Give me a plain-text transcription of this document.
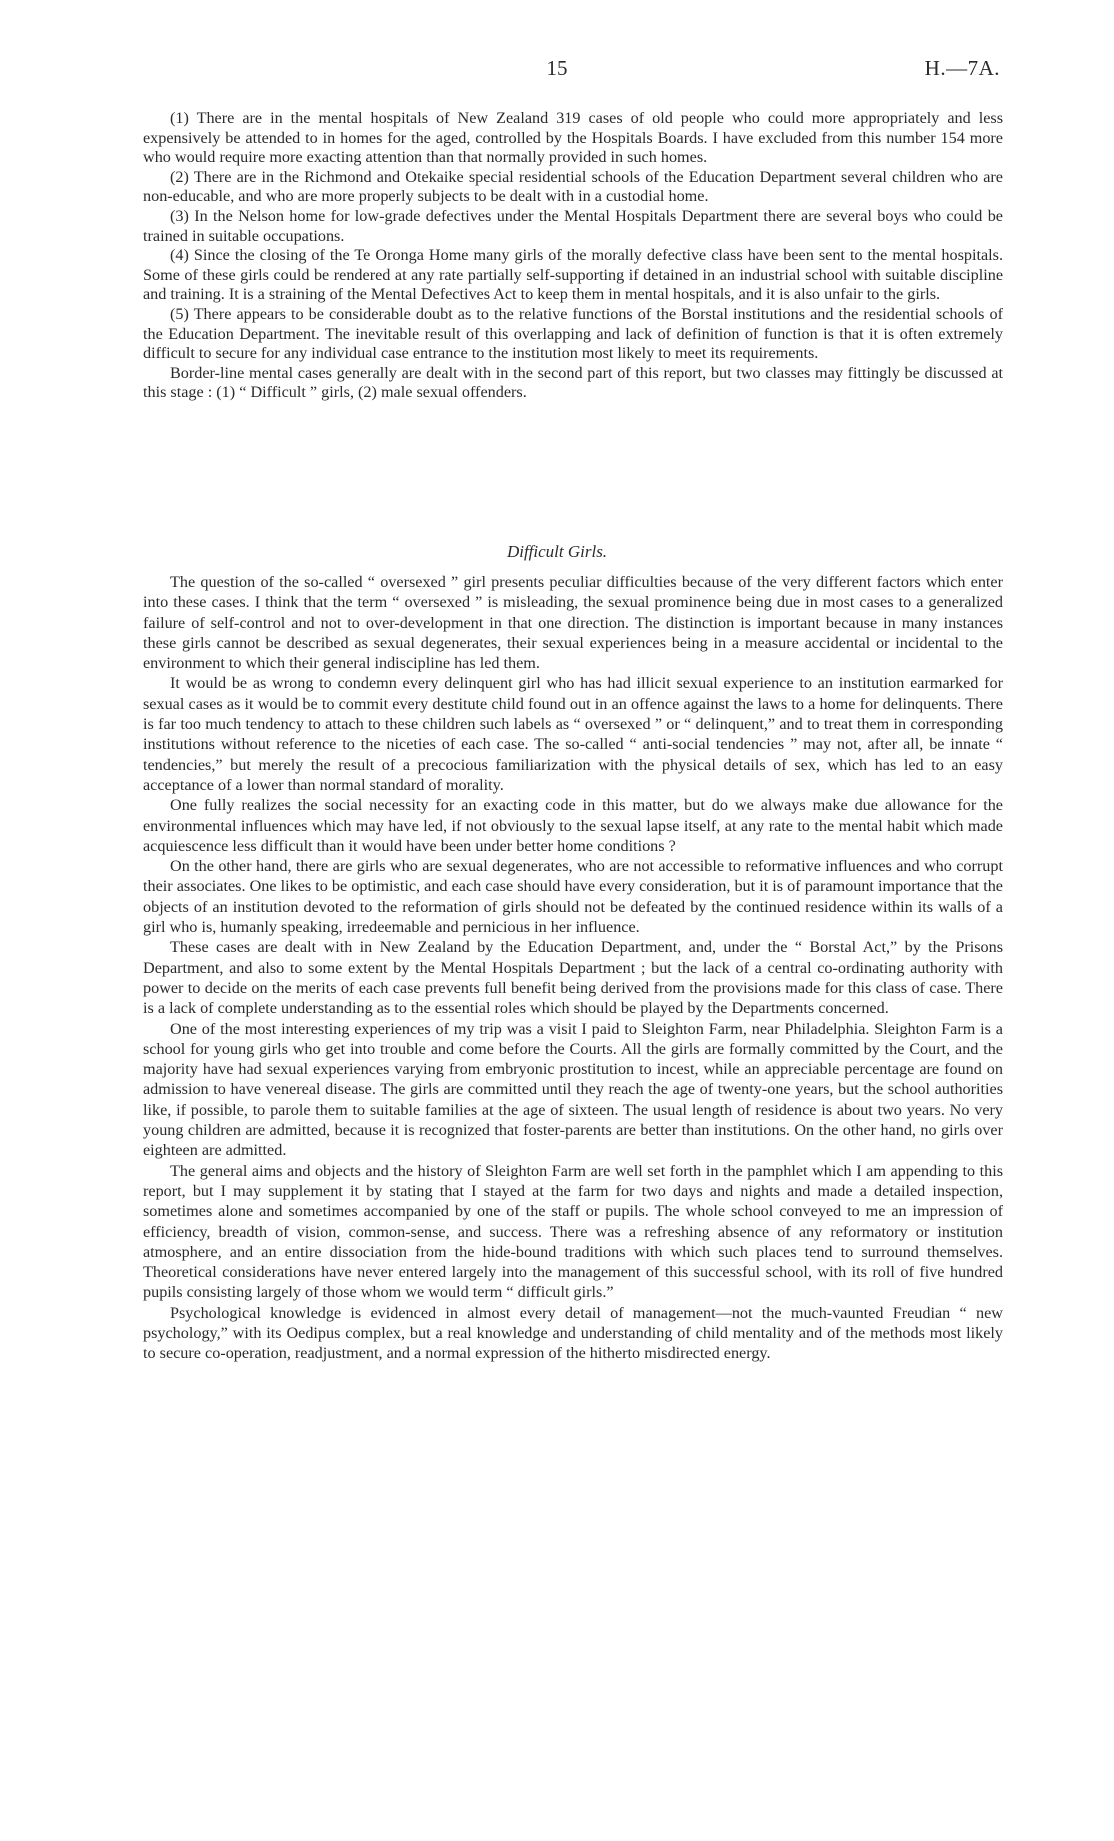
15	H.—7A.

(1) There are in the mental hospitals of New Zealand 319 cases of old people who could more appropriately and less expensively be attended to in homes for the aged, controlled by the Hospitals Boards. I have excluded from this number 154 more who would require more exacting attention than that normally provided in such homes.

(2) There are in the Richmond and Otekaike special residential schools of the Education Department several children who are non-educable, and who are more properly subjects to be dealt with in a custodial home.

(3) In the Nelson home for low-grade defectives under the Mental Hospitals Department there are several boys who could be trained in suitable occupations.

(4) Since the closing of the Te Oronga Home many girls of the morally defective class have been sent to the mental hospitals. Some of these girls could be rendered at any rate partially self-supporting if detained in an industrial school with suitable discipline and training. It is a straining of the Mental Defectives Act to keep them in mental hospitals, and it is also unfair to the girls.

(5) There appears to be considerable doubt as to the relative functions of the Borstal institutions and the residential schools of the Education Department. The inevitable result of this overlapping and lack of definition of function is that it is often extremely difficult to secure for any individual case entrance to the institution most likely to meet its requirements.

Border-line mental cases generally are dealt with in the second part of this report, but two classes may fittingly be discussed at this stage : (1) “ Difficult ” girls, (2) male sexual offenders.

Difficult Girls.

The question of the so-called “ oversexed ” girl presents peculiar difficulties because of the very different factors which enter into these cases. I think that the term “ oversexed ” is misleading, the sexual prominence being due in most cases to a generalized failure of self-control and not to over-development in that one direction. The distinction is important because in many instances these girls cannot be described as sexual degenerates, their sexual experiences being in a measure accidental or incidental to the environment to which their general indiscipline has led them.

It would be as wrong to condemn every delinquent girl who has had illicit sexual experience to an institution earmarked for sexual cases as it would be to commit every destitute child found out in an offence against the laws to a home for delinquents. There is far too much tendency to attach to these children such labels as “ oversexed ” or “ delinquent,” and to treat them in corresponding institutions without reference to the niceties of each case. The so-called “ anti-social tendencies ” may not, after all, be innate “ tendencies,” but merely the result of a precocious familiarization with the physical details of sex, which has led to an easy acceptance of a lower than normal standard of morality.

One fully realizes the social necessity for an exacting code in this matter, but do we always make due allowance for the environmental influences which may have led, if not obviously to the sexual lapse itself, at any rate to the mental habit which made acquiescence less difficult than it would have been under better home conditions ?

On the other hand, there are girls who are sexual degenerates, who are not accessible to reformative influences and who corrupt their associates. One likes to be optimistic, and each case should have every consideration, but it is of paramount importance that the objects of an institution devoted to the reformation of girls should not be defeated by the continued residence within its walls of a girl who is, humanly speaking, irredeemable and pernicious in her influence.

These cases are dealt with in New Zealand by the Education Department, and, under the “ Borstal Act,” by the Prisons Department, and also to some extent by the Mental Hospitals Department ; but the lack of a central co-ordinating authority with power to decide on the merits of each case prevents full benefit being derived from the provisions made for this class of case. There is a lack of complete understanding as to the essential roles which should be played by the Departments concerned.

One of the most interesting experiences of my trip was a visit I paid to Sleighton Farm, near Philadelphia. Sleighton Farm is a school for young girls who get into trouble and come before the Courts. All the girls are formally committed by the Court, and the majority have had sexual experiences varying from embryonic prostitution to incest, while an appreciable percentage are found on admission to have venereal disease. The girls are committed until they reach the age of twenty-one years, but the school authorities like, if possible, to parole them to suitable families at the age of sixteen. The usual length of residence is about two years. No very young children are admitted, because it is recognized that foster-parents are better than institutions. On the other hand, no girls over eighteen are admitted.

The general aims and objects and the history of Sleighton Farm are well set forth in the pamphlet which I am appending to this report, but I may supplement it by stating that I stayed at the farm for two days and nights and made a detailed inspection, sometimes alone and sometimes accompanied by one of the staff or pupils. The whole school conveyed to me an impression of efficiency, breadth of vision, common-sense, and success. There was a refreshing absence of any reformatory or institution atmosphere, and an entire dissociation from the hide-bound traditions with which such places tend to surround themselves. Theoretical considerations have never entered largely into the management of this successful school, with its roll of five hundred pupils consisting largely of those whom we would term “ difficult girls.”

Psychological knowledge is evidenced in almost every detail of management—not the much-vaunted Freudian “ new psychology,” with its Oedipus complex, but a real knowledge and understanding of child mentality and of the methods most likely to secure co-operation, readjustment, and a normal expression of the hitherto misdirected energy.
